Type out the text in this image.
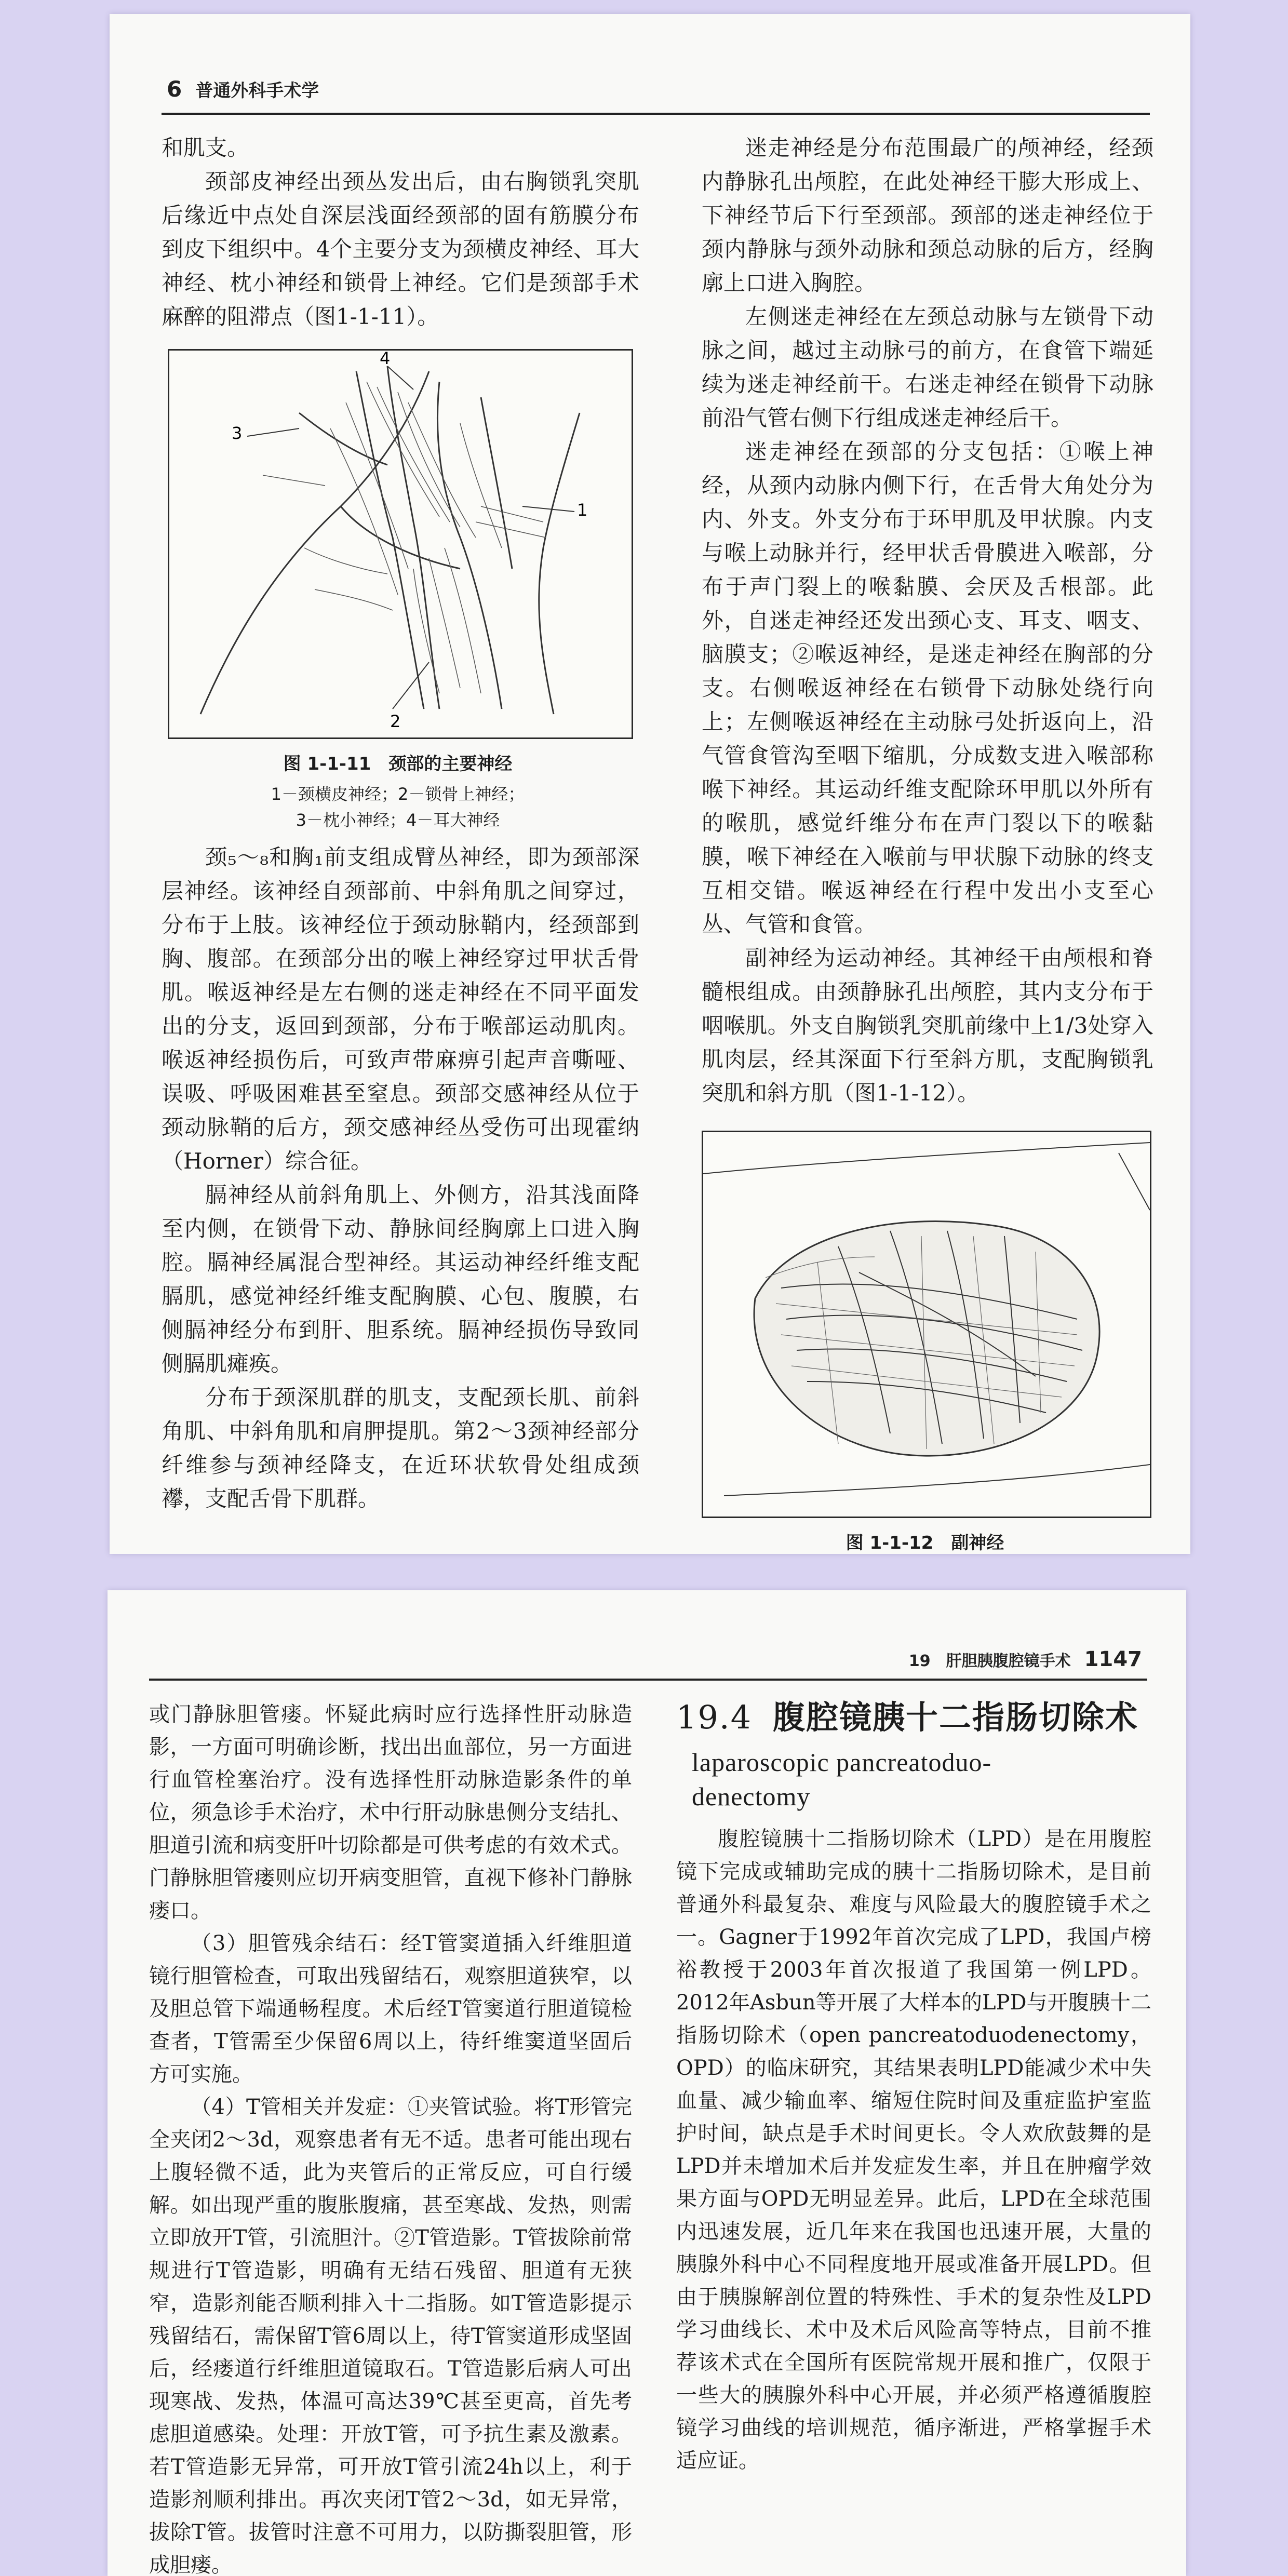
6 普通外科手术学

和肌支。

颈部皮神经出颈丛发出后，由右胸锁乳突肌后缘近中点处自深层浅面经颈部的固有筋膜分布到皮下组织中。4个主要分支为颈横皮神经、耳大神经、枕小神经和锁骨上神经。它们是颈部手术麻醉的阻滞点（图1-1-11）。

4
3
1
2
图 1-1-11　颈部的主要神经
1－颈横皮神经；2－锁骨上神经；
3－枕小神经；4－耳大神经

颈₅～₈和胸₁前支组成臂丛神经，即为颈部深层神经。该神经自颈部前、中斜角肌之间穿过，分布于上肢。该神经位于颈动脉鞘内，经颈部到胸、腹部。在颈部分出的喉上神经穿过甲状舌骨肌。喉返神经是左右侧的迷走神经在不同平面发出的分支，返回到颈部，分布于喉部运动肌肉。喉返神经损伤后，可致声带麻痹引起声音嘶哑、误吸、呼吸困难甚至窒息。颈部交感神经从位于颈动脉鞘的后方，颈交感神经丛受伤可出现霍纳（Horner）综合征。

膈神经从前斜角肌上、外侧方，沿其浅面降至内侧，在锁骨下动、静脉间经胸廓上口进入胸腔。膈神经属混合型神经。其运动神经纤维支配膈肌，感觉神经纤维支配胸膜、心包、腹膜，右侧膈神经分布到肝、胆系统。膈神经损伤导致同侧膈肌瘫痪。

分布于颈深肌群的肌支，支配颈长肌、前斜角肌、中斜角肌和肩胛提肌。第2～3颈神经部分纤维参与颈神经降支，在近环状软骨处组成颈襻，支配舌骨下肌群。

迷走神经是分布范围最广的颅神经，经颈内静脉孔出颅腔，在此处神经干膨大形成上、下神经节后下行至颈部。颈部的迷走神经位于颈内静脉与颈外动脉和颈总动脉的后方，经胸廓上口进入胸腔。

左侧迷走神经在左颈总动脉与左锁骨下动脉之间，越过主动脉弓的前方，在食管下端延续为迷走神经前干。右迷走神经在锁骨下动脉前沿气管右侧下行组成迷走神经后干。

迷走神经在颈部的分支包括：①喉上神经，从颈内动脉内侧下行，在舌骨大角处分为内、外支。外支分布于环甲肌及甲状腺。内支与喉上动脉并行，经甲状舌骨膜进入喉部，分布于声门裂上的喉黏膜、会厌及舌根部。此外，自迷走神经还发出颈心支、耳支、咽支、脑膜支；②喉返神经，是迷走神经在胸部的分支。右侧喉返神经在右锁骨下动脉处绕行向上；左侧喉返神经在主动脉弓处折返向上，沿气管食管沟至咽下缩肌，分成数支进入喉部称喉下神经。其运动纤维支配除环甲肌以外所有的喉肌，感觉纤维分布在声门裂以下的喉黏膜，喉下神经在入喉前与甲状腺下动脉的终支互相交错。喉返神经在行程中发出小支至心丛、气管和食管。

副神经为运动神经。其神经干由颅根和脊髓根组成。由颈静脉孔出颅腔，其内支分布于咽喉肌。外支自胸锁乳突肌前缘中上1/3处穿入肌肉层，经其深面下行至斜方肌，支配胸锁乳突肌和斜方肌（图1-1-12）。

图 1-1-12　副神经
19　肝胆胰腹腔镜手术 1147

或门静脉胆管瘘。怀疑此病时应行选择性肝动脉造影，一方面可明确诊断，找出出血部位，另一方面进行血管栓塞治疗。没有选择性肝动脉造影条件的单位，须急诊手术治疗，术中行肝动脉患侧分支结扎、胆道引流和病变肝叶切除都是可供考虑的有效术式。门静脉胆管瘘则应切开病变胆管，直视下修补门静脉瘘口。

（3）胆管残余结石：经T管窦道插入纤维胆道镜行胆管检查，可取出残留结石，观察胆道狭窄，以及胆总管下端通畅程度。术后经T管窦道行胆道镜检查者，T管需至少保留6周以上，待纤维窦道坚固后方可实施。

（4）T管相关并发症：①夹管试验。将T形管完全夹闭2～3d，观察患者有无不适。患者可能出现右上腹轻微不适，此为夹管后的正常反应，可自行缓解。如出现严重的腹胀腹痛，甚至寒战、发热，则需立即放开T管，引流胆汁。②T管造影。T管拔除前常规进行T管造影，明确有无结石残留、胆道有无狭窄，造影剂能否顺利排入十二指肠。如T管造影提示残留结石，需保留T管6周以上，待T管窦道形成坚固后，经瘘道行纤维胆道镜取石。T管造影后病人可出现寒战、发热，体温可高达39℃甚至更高，首先考虑胆道感染。处理：开放T管，可予抗生素及激素。若T管造影无异常，可开放T管引流24h以上，利于造影剂顺利排出。再次夹闭T管2～3d，如无异常，拔除T管。拔管时注意不可用力，以防撕裂胆管，形成胆瘘。

19.4 腹腔镜胰十二指肠切除术
laparoscopic pancreatoduo-
denectomy

腹腔镜胰十二指肠切除术（LPD）是在用腹腔镜下完成或辅助完成的胰十二指肠切除术，是目前普通外科最复杂、难度与风险最大的腹腔镜手术之一。Gagner于1992年首次完成了LPD，我国卢榜裕教授于2003年首次报道了我国第一例LPD。2012年Asbun等开展了大样本的LPD与开腹胰十二指肠切除术（open pancreatoduodenectomy，OPD）的临床研究，其结果表明LPD能减少术中失血量、减少输血率、缩短住院时间及重症监护室监护时间，缺点是手术时间更长。令人欢欣鼓舞的是LPD并未增加术后并发症发生率，并且在肿瘤学效果方面与OPD无明显差异。此后，LPD在全球范围内迅速发展，近几年来在我国也迅速开展，大量的胰腺外科中心不同程度地开展或准备开展LPD。但由于胰腺解剖位置的特殊性、手术的复杂性及LPD学习曲线长、术中及术后风险高等特点，目前不推荐该术式在全国所有医院常规开展和推广，仅限于一些大的胰腺外科中心开展，并必须严格遵循腹腔镜学习曲线的培训规范，循序渐进，严格掌握手术适应证。
